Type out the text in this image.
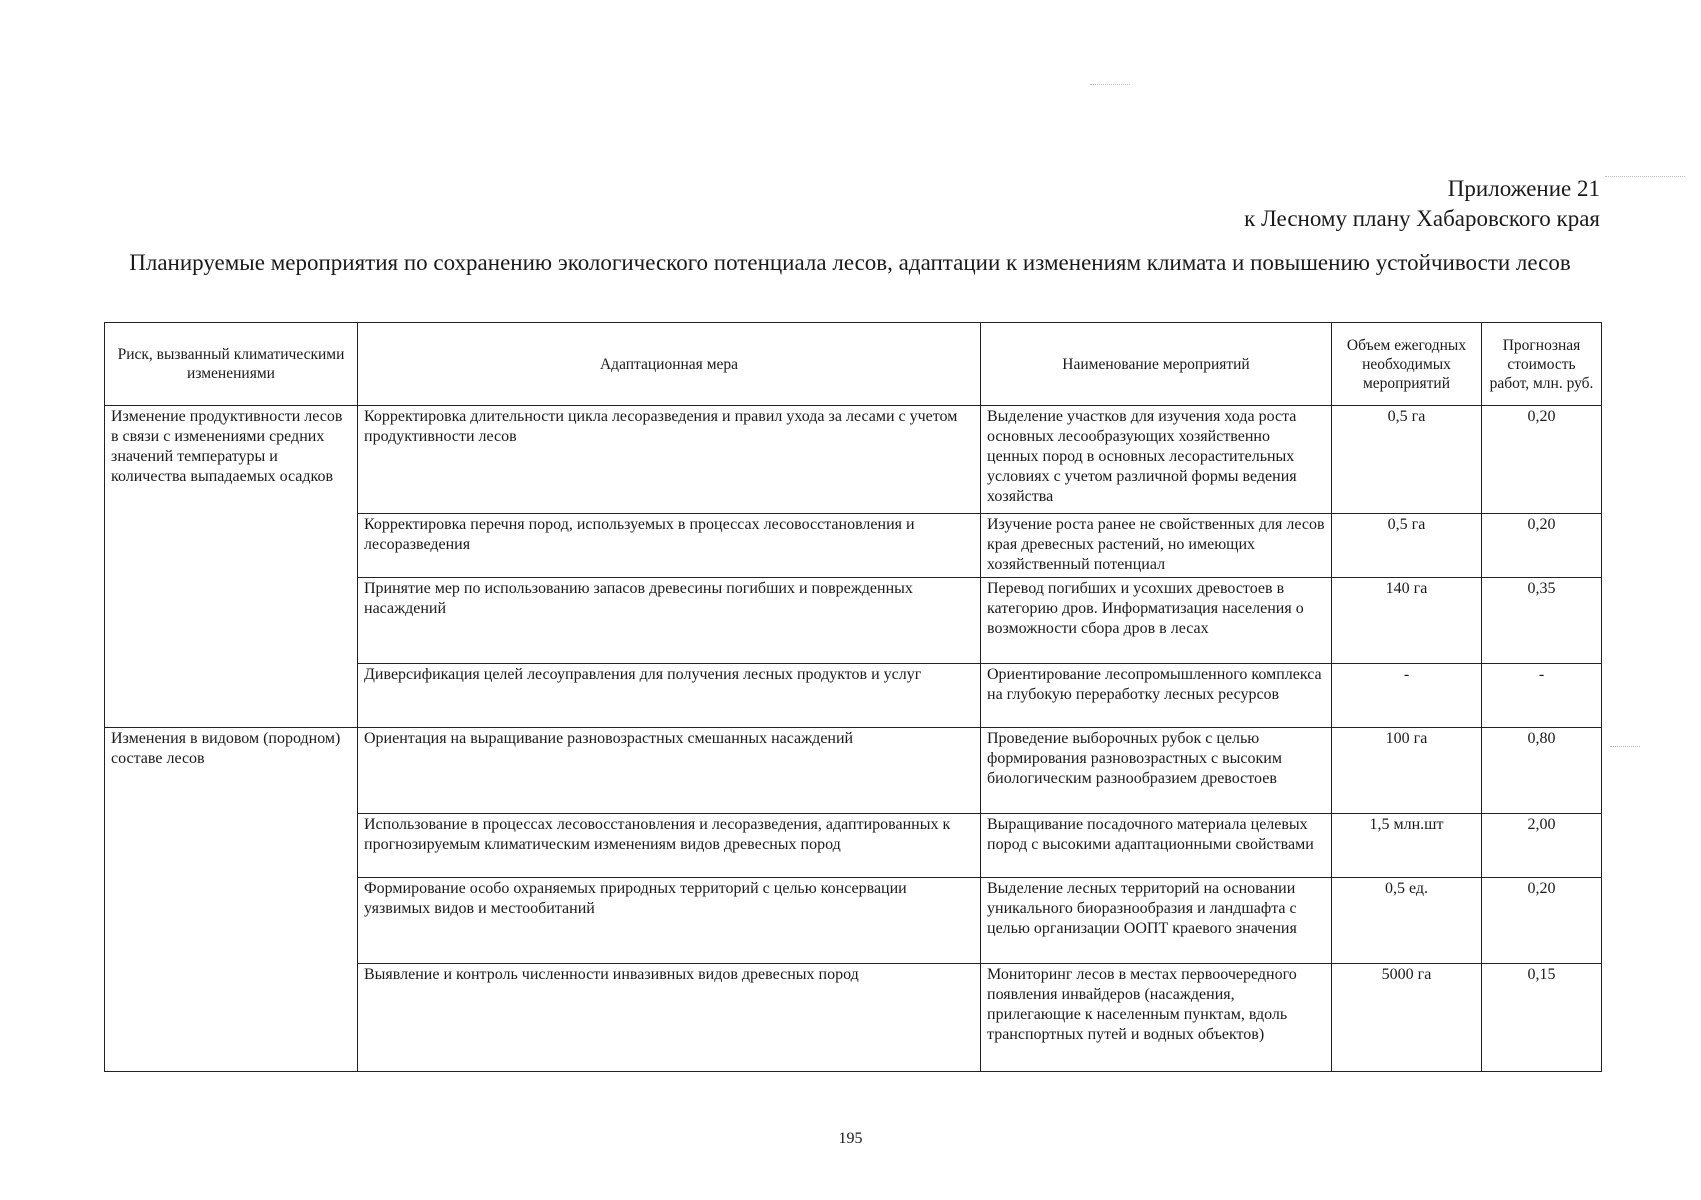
Приложение 21
к Лесному плану Хабаровского края
Планируемые мероприятия по сохранению экологического потенциала лесов, адаптации к изменениям климата и повышению устойчивости лесов
Риск, вызванный климатическими изменениями	Адаптационная мера	Наименование мероприятий	Объем ежегодных необходимых мероприятий	Прогнозная стоимость работ, млн. руб.
Изменение продуктивности лесов в связи с изменениями средних значений температуры и количества выпадаемых осадков	Корректировка длительности цикла лесоразведения и правил ухода за лесами с учетом продуктивности лесов	Выделение участков для изучения хода роста основных лесообразующих хозяйственно ценных пород в основных лесорастительных условиях с учетом различной формы ведения хозяйства	0,5 га	0,20
	Корректировка перечня пород, используемых в процессах лесовосстановления и лесоразведения	Изучение роста ранее не свойственных для лесов края древесных растений, но имеющих хозяйственный потенциал	0,5 га	0,20
	Принятие мер по использованию запасов древесины погибших и поврежденных насаждений	Перевод погибших и усохших древостоев в категорию дров. Информатизация населения о возможности сбора дров в лесах	140 га	0,35
	Диверсификация целей лесоуправления для получения лесных продуктов и услуг	Ориентирование лесопромышленного комплекса на глубокую переработку лесных ресурсов	-	-
Изменения в видовом (породном) составе лесов	Ориентация на выращивание разновозрастных смешанных насаждений	Проведение выборочных рубок с целью формирования разновозрастных с высоким биологическим разнообразием древостоев	100 га	0,80
	Использование в процессах лесовосстановления и лесоразведения, адаптированных к прогнозируемым климатическим изменениям видов древесных пород	Выращивание посадочного материала целевых пород с высокими адаптационными свойствами	1,5 млн.шт	2,00
	Формирование особо охраняемых природных территорий с целью консервации уязвимых видов и местообитаний	Выделение лесных территорий на основании уникального биоразнообразия и ландшафта с целью организации ООПТ краевого значения	0,5 ед.	0,20
	Выявление и контроль численности инвазивных видов древесных пород	Мониторинг лесов в местах первоочередного появления инвайдеров (насаждения, прилегающие к населенным пунктам, вдоль транспортных путей и водных объектов)	5000 га	0,15
195
